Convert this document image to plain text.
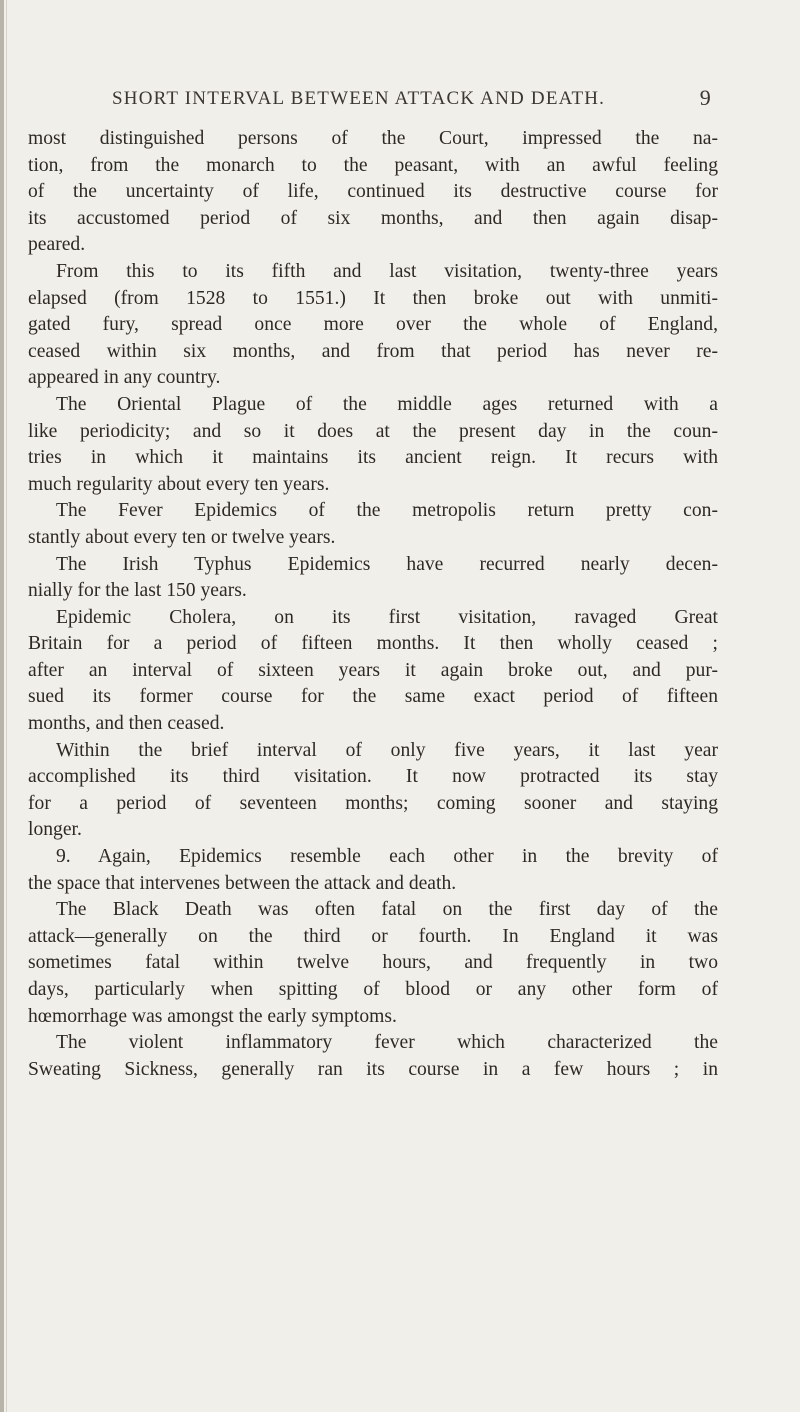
SHORT INTERVAL BETWEEN ATTACK AND DEATH.	9
most distinguished persons of the Court, impressed the na-
tion, from the monarch to the peasant, with an awful feeling
of the uncertainty of life, continued its destructive course for
its accustomed period of six months, and then again disap-
peared.
From this to its fifth and last visitation, twenty-three years
elapsed (from 1528 to 1551.) It then broke out with unmiti-
gated fury, spread once more over the whole of England,
ceased within six months, and from that period has never re-
appeared in any country.
The Oriental Plague of the middle ages returned with a
like periodicity; and so it does at the present day in the coun-
tries in which it maintains its ancient reign. It recurs with
much regularity about every ten years.
The Fever Epidemics of the metropolis return pretty con-
stantly about every ten or twelve years.
The Irish Typhus Epidemics have recurred nearly decen-
nially for the last 150 years.
Epidemic Cholera, on its first visitation, ravaged Great
Britain for a period of fifteen months. It then wholly ceased ;
after an interval of sixteen years it again broke out, and pur-
sued its former course for the same exact period of fifteen
months, and then ceased.
Within the brief interval of only five years, it last year
accomplished its third visitation. It now protracted its stay
for a period of seventeen months; coming sooner and staying
longer.
9. Again, Epidemics resemble each other in the brevity of
the space that intervenes between the attack and death.
The Black Death was often fatal on the first day of the
attack—generally on the third or fourth. In England it was
sometimes fatal within twelve hours, and frequently in two
days, particularly when spitting of blood or any other form of
hœmorrhage was amongst the early symptoms.
The violent inflammatory fever which characterized the
Sweating Sickness, generally ran its course in a few hours ; in
